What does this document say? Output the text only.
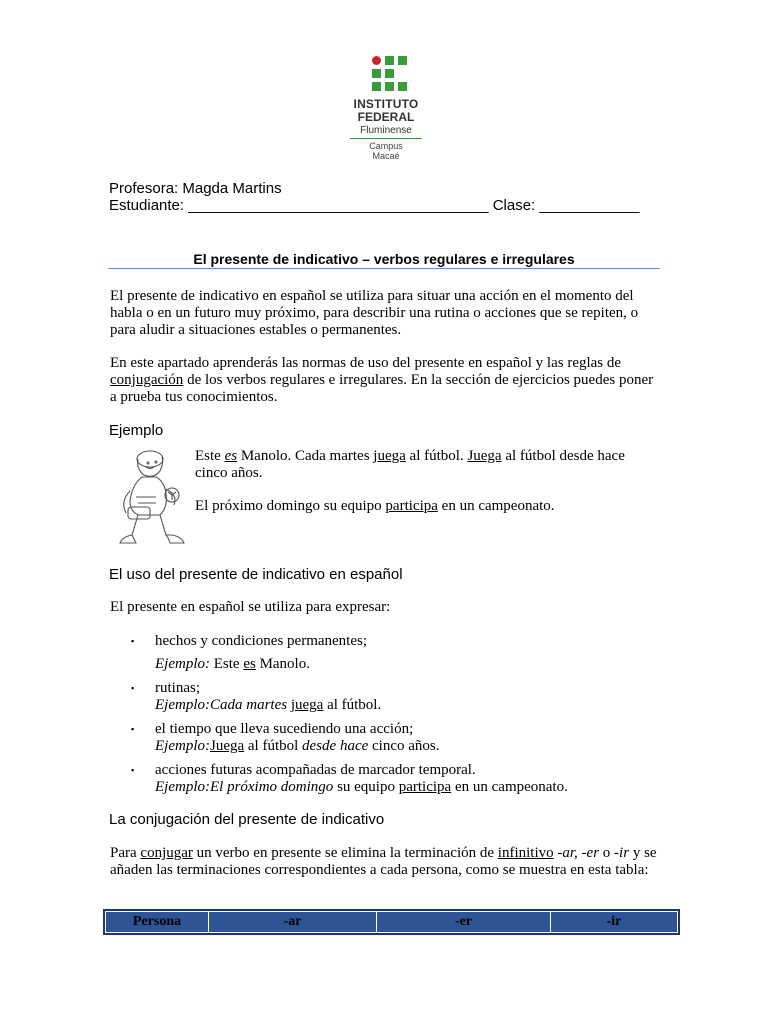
INSTITUTO
FEDERAL
Fluminense
Campus
Macaé
Profesora: Magda Martins
Estudiante: ____________________________________ Clase: ____________
El presente de indicativo – verbos regulares e irregulares
El presente de indicativo en español se utiliza para situar una acción en el momento del habla o en un futuro muy próximo, para describir una rutina o acciones que se repiten, o para aludir a situaciones estables o permanentes.
En este apartado aprenderás las normas de uso del presente en español y las reglas de conjugación de los verbos regulares e irregulares. En la sección de ejercicios puedes poner a prueba tus conocimientos.
Ejemplo
Este es Manolo. Cada martes juega al fútbol. Juega al fútbol desde hace cinco años.
El próximo domingo su equipo participa en un campeonato.
El uso del presente de indicativo en español
El presente en español se utiliza para expresar:
▪ hechos y condiciones permanentes;
Ejemplo: Este es Manolo.
▪ rutinas;
Ejemplo:Cada martes juega al fútbol.
▪ el tiempo que lleva sucediendo una acción;
Ejemplo:Juega al fútbol desde hace cinco años.
▪ acciones futuras acompañadas de marcador temporal.
Ejemplo:El próximo domingo su equipo participa en un campeonato.
La conjugación del presente de indicativo
Para conjugar un verbo en presente se elimina la terminación de infinitivo -ar, -er o -ir y se añaden las terminaciones correspondientes a cada persona, como se muestra en esta tabla:
Persona	-ar	-er	-ir
